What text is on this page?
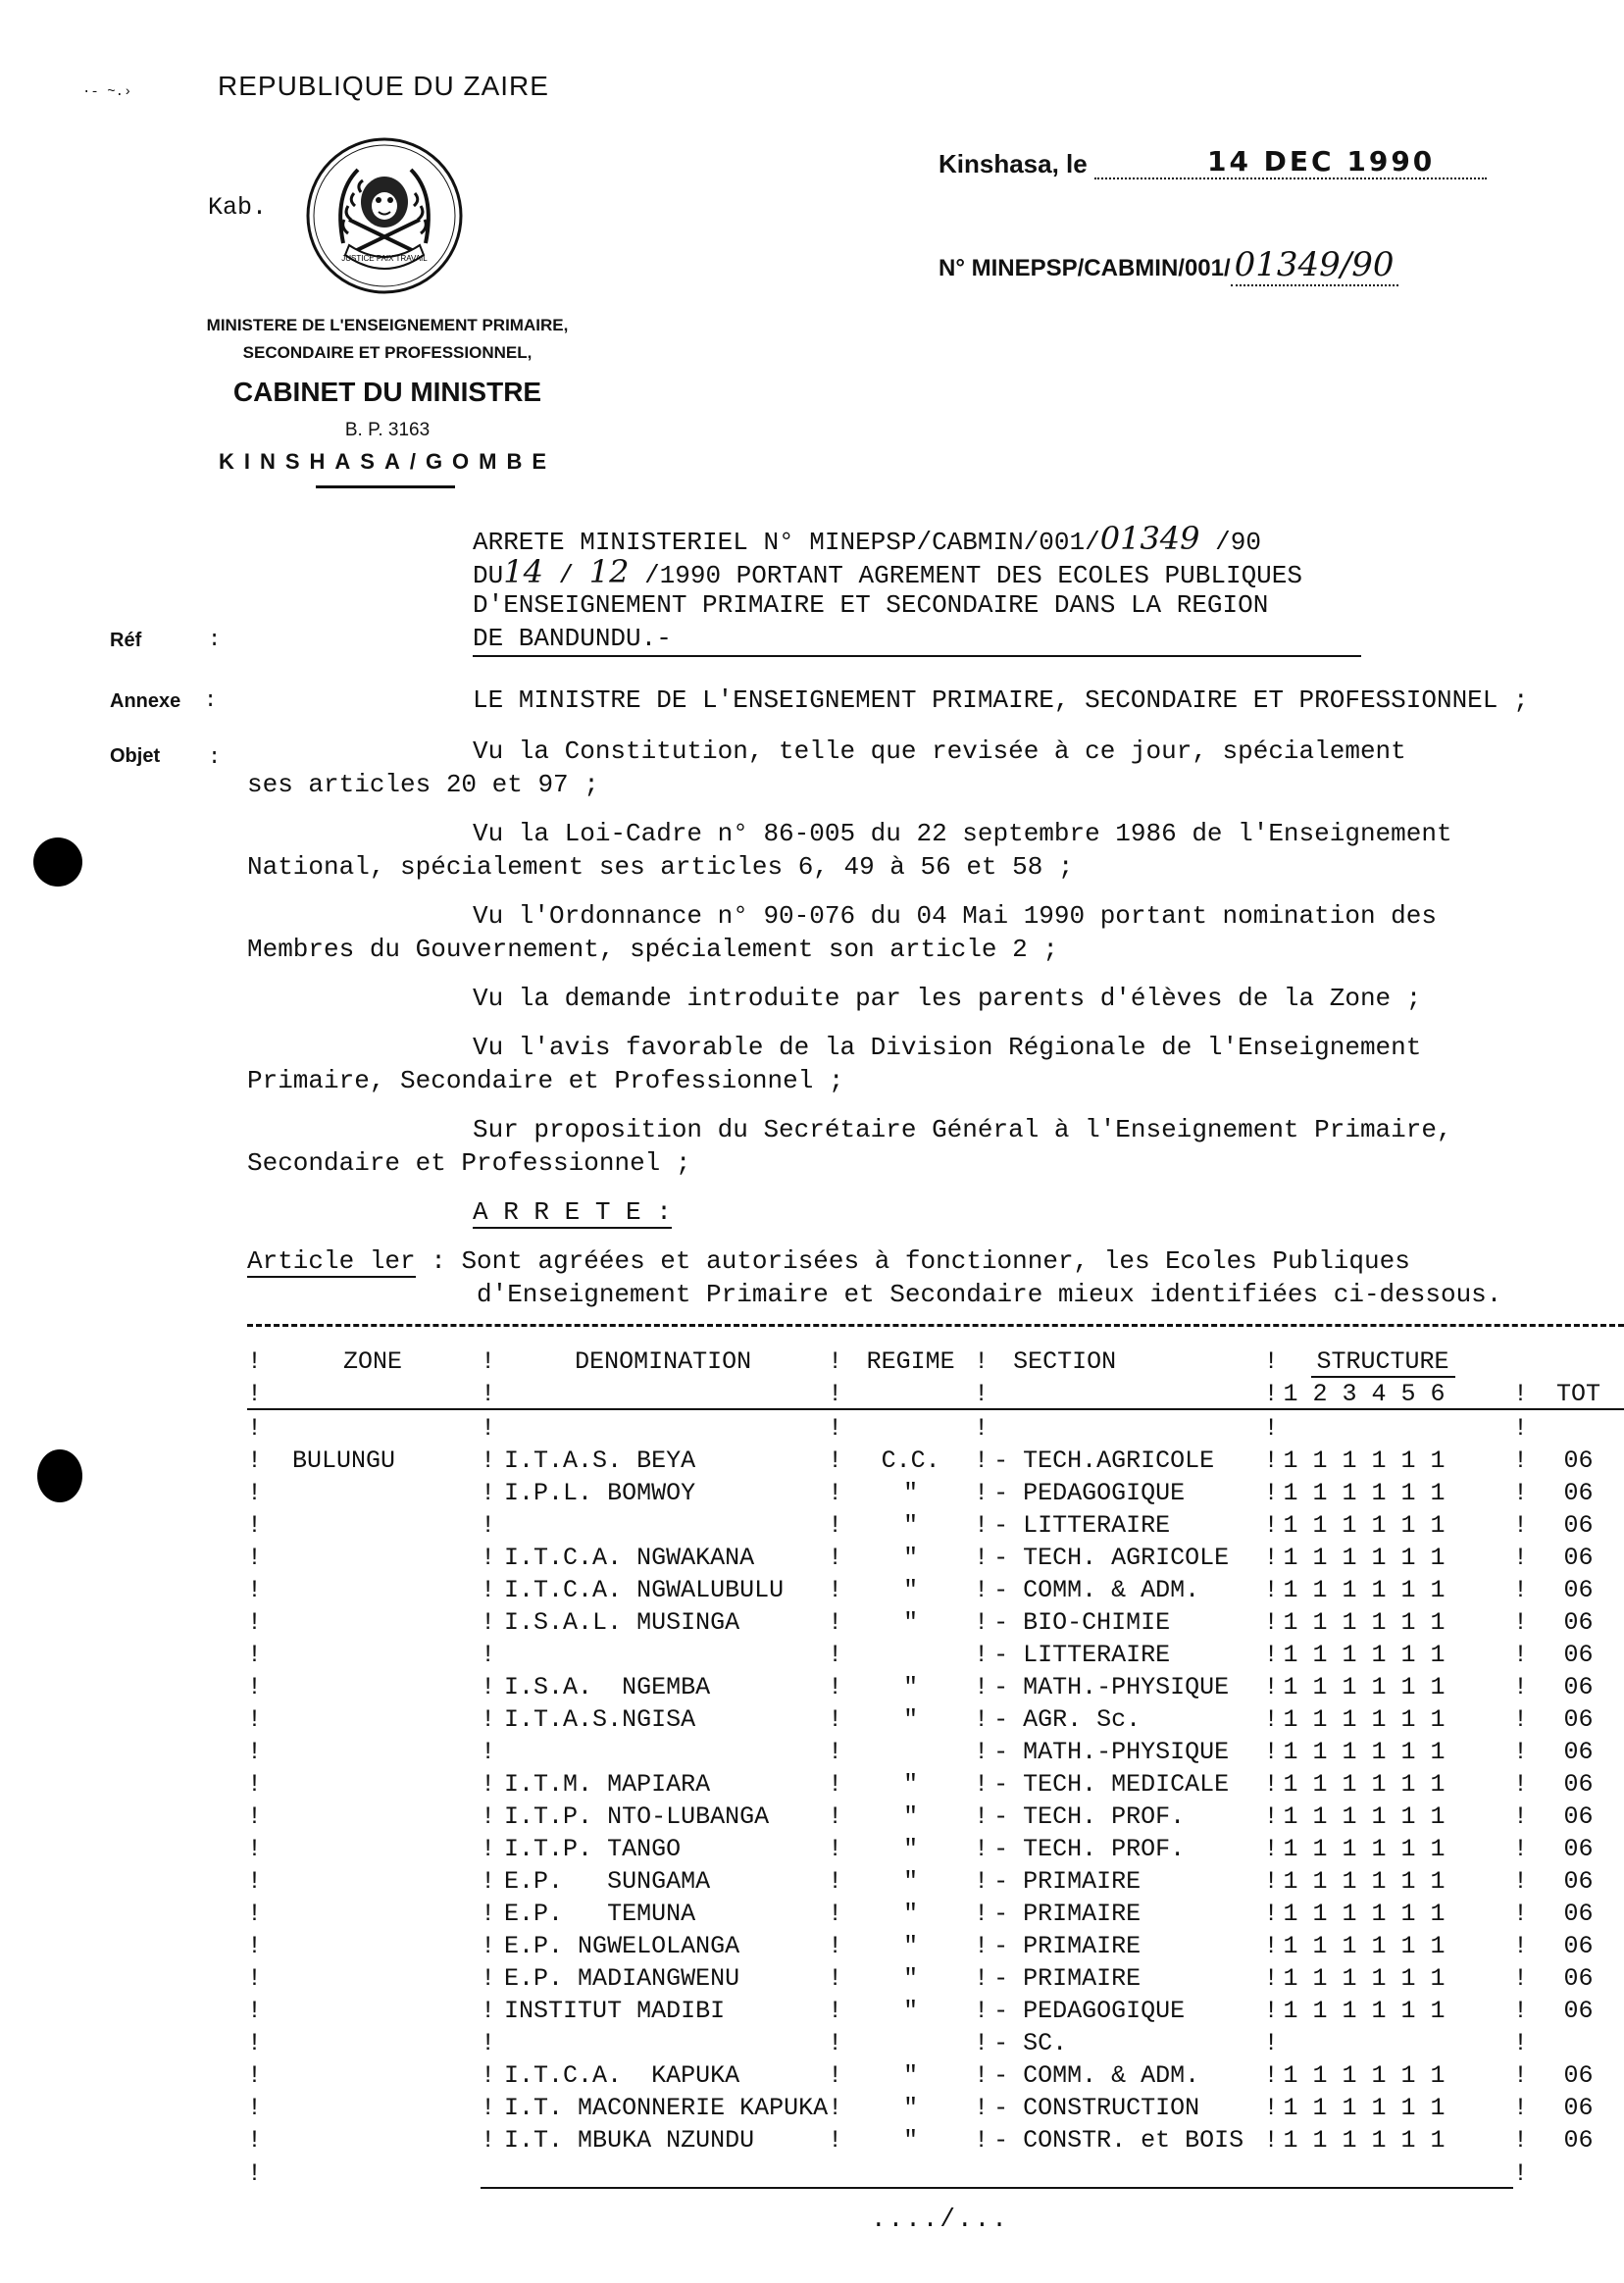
·- ~.›	REPUBLIQUE DU ZAIRE
Kab.
JUSTICE PAIX TRAVAIL
MINISTERE DE L'ENSEIGNEMENT PRIMAIRE,
SECONDAIRE ET PROFESSIONNEL,
CABINET DU MINISTRE
B. P. 3163
KINSHASA/GOMBE
Kinshasa, le	14 DEC 1990
N° MINEPSP/CABMIN/001/ 01349/90
Réf	:
Annexe :
Objet :
ARRETE MINISTERIEL N° MINEPSP/CABMIN/001/01349 /90
DU14 / 12 /1990 PORTANT AGREMENT DES ECOLES PUBLIQUES
D'ENSEIGNEMENT PRIMAIRE ET SECONDAIRE DANS LA REGION
DE BANDUNDU.-
LE MINISTRE DE L'ENSEIGNEMENT PRIMAIRE, SECONDAIRE ET PROFESSIONNEL ;
Vu la Constitution, telle que revisée à ce jour, spécialement
ses articles 20 et 97 ;
Vu la Loi-Cadre n° 86-005 du 22 septembre 1986 de l'Enseignement
National, spécialement ses articles 6, 49 à 56 et 58 ;
Vu l'Ordonnance n° 90-076 du 04 Mai 1990 portant nomination des
Membres du Gouvernement, spécialement son article 2 ;
Vu la demande introduite par les parents d'élèves de la Zone ;
Vu l'avis favorable de la Division Régionale de l'Enseignement
Primaire, Secondaire et Professionnel ;
Sur proposition du Secrétaire Général à l'Enseignement Primaire,
Secondaire et Professionnel ;
A R R E T E :
Article ler : Sont agréées et autorisées à fonctionner, les Ecoles Publiques
d'Enseignement Primaire et Secondaire mieux identifiées ci-dessous.
!	ZONE	!	DENOMINATION	!	REGIME	!	SECTION	!	STRUCTURE		
!		!		!		!		!	1 2 3 4 5 6	!	TOT
!		!		!		!		!		!	
!	BULUNGU	!	I.T.A.S. BEYA	!	C.C.	!	- TECH.AGRICOLE	!	1 1 1 1 1 1	!	06
!		!	I.P.L. BOMWOY	!	"	!	- PEDAGOGIQUE	!	1 1 1 1 1 1	!	06
!		!		!	"	!	- LITTERAIRE	!	1 1 1 1 1 1	!	06
!		!	I.T.C.A. NGWAKANA	!	"	!	- TECH. AGRICOLE	!	1 1 1 1 1 1	!	06
!		!	I.T.C.A. NGWALUBULU	!	"	!	- COMM. & ADM.	!	1 1 1 1 1 1	!	06
!		!	I.S.A.L. MUSINGA	!	"	!	- BIO-CHIMIE	!	1 1 1 1 1 1	!	06
!		!		!		!	- LITTERAIRE	!	1 1 1 1 1 1	!	06
!		!	I.S.A.  NGEMBA	!	"	!	- MATH.-PHYSIQUE	!	1 1 1 1 1 1	!	06
!		!	I.T.A.S.NGISA	!	"	!	- AGR. Sc.	!	1 1 1 1 1 1	!	06
!		!		!		!	- MATH.-PHYSIQUE	!	1 1 1 1 1 1	!	06
!		!	I.T.M. MAPIARA	!	"	!	- TECH. MEDICALE	!	1 1 1 1 1 1	!	06
!		!	I.T.P. NTO-LUBANGA	!	"	!	- TECH. PROF.	!	1 1 1 1 1 1	!	06
!		!	I.T.P. TANGO	!	"	!	- TECH. PROF.	!	1 1 1 1 1 1	!	06
!		!	E.P.   SUNGAMA	!	"	!	- PRIMAIRE	!	1 1 1 1 1 1	!	06
!		!	E.P.   TEMUNA	!	"	!	- PRIMAIRE	!	1 1 1 1 1 1	!	06
!		!	E.P. NGWELOLANGA	!	"	!	- PRIMAIRE	!	1 1 1 1 1 1	!	06
!		!	E.P. MADIANGWENU	!	"	!	- PRIMAIRE	!	1 1 1 1 1 1	!	06
!		!	INSTITUT MADIBI	!	"	!	- PEDAGOGIQUE	!	1 1 1 1 1 1	!	06
!		!		!		!	- SC.	!		!	
!		!	I.T.C.A.  KAPUKA	!	"	!	- COMM. & ADM.	!	1 1 1 1 1 1	!	06
!		!	I.T. MACONNERIE KAPUKA	!	"	!	- CONSTRUCTION	!	1 1 1 1 1 1	!	06
!		!	I.T. MBUKA NZUNDU	!	"	!	- CONSTR. et BOIS	!	1 1 1 1 1 1	!	06
!										!	
..../...
